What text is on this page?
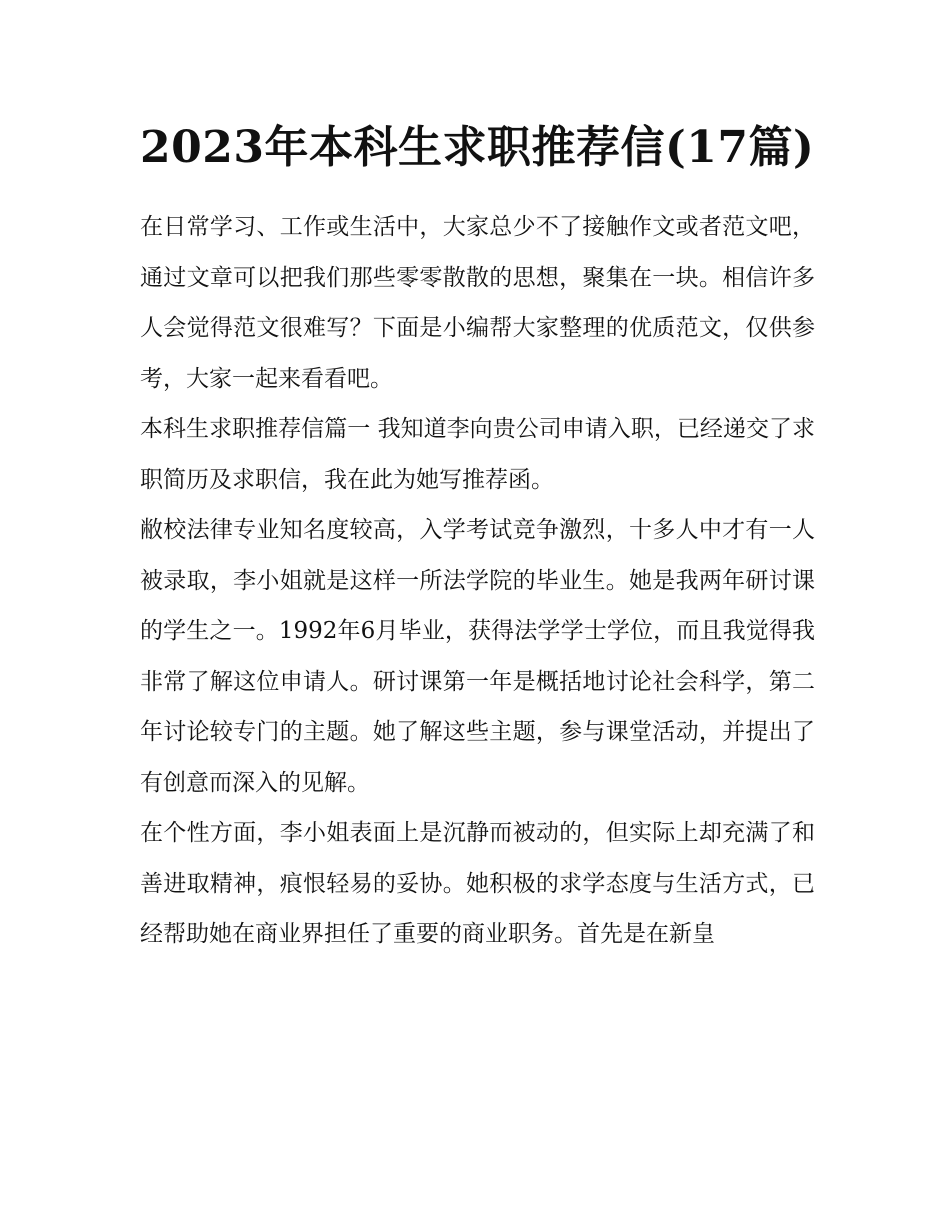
2023年本科生求职推荐信(17篇)

在日常学习、工作或生活中，大家总少不了接触作文或者范文吧，通过文章可以把我们那些零零散散的思想，聚集在一块。相信许多人会觉得范文很难写？下面是小编帮大家整理的优质范文，仅供参考，大家一起来看看吧。

本科生求职推荐信篇一 我知道李向贵公司申请入职，已经递交了求职简历及求职信，我在此为她写推荐函。

敝校法律专业知名度较高，入学考试竞争激烈，十多人中才有一人被录取，李小姐就是这样一所法学院的毕业生。她是我两年研讨课的学生之一。1992年6月毕业，获得法学学士学位，而且我觉得我非常了解这位申请人。研讨课第一年是概括地讨论社会科学，第二年讨论较专门的主题。她了解这些主题，参与课堂活动，并提出了有创意而深入的见解。

在个性方面，李小姐表面上是沉静而被动的，但实际上却充满了和善进取精神，痕恨轻易的妥协。她积极的求学态度与生活方式，已经帮助她在商业界担任了重要的商业职务。首先是在新皇
